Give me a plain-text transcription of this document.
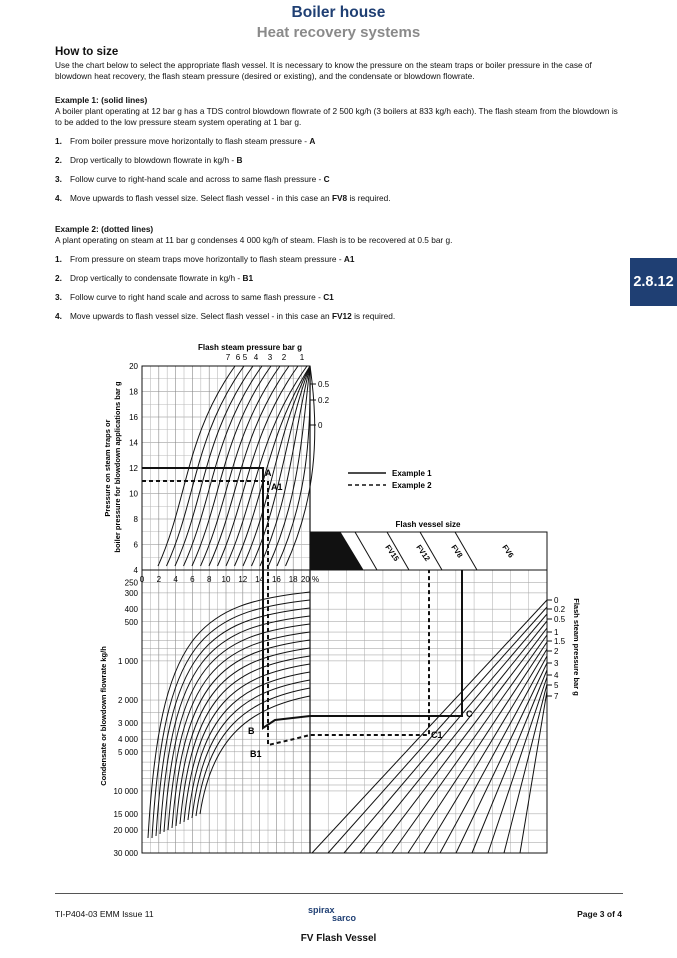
Boiler house
Heat recovery systems
2.8.12
How to size

Use the chart below to select the appropriate flash vessel. It is necessary to know the pressure on the steam traps or boiler pressure in the case of blowdown heat recovery, the flash steam pressure (desired or existing), and the condensate or blowdown flowrate.

Example 1: (solid lines)

A boiler plant operating at 12 bar g has a TDS control blowdown flowrate of 2 500 kg/h (3 boilers at 833 kg/h each). The flash steam from the blowdown is to be added to the low pressure steam system operating at 1 bar g.

1. From boiler pressure move horizontally to flash steam pressure - A
2. Drop vertically to blowdown flowrate in kg/h - B
3. Follow curve to right-hand scale and across to same flash pressure - C
4. Move upwards to flash vessel size. Select flash vessel - in this case an FV8 is required.

Example 2: (dotted lines)

A plant operating on steam at 11 bar g condenses 4 000 kg/h of steam. Flash is to be recovered at 0.5 bar g.

1. From pressure on steam traps move horizontally to flash steam pressure - A1
2. Drop vertically to condensate flowrate in kg/h - B1
3. Follow curve to right hand scale and across to same flash pressure - C1
4. Move upwards to flash vessel size. Select flash vessel - in this case an FV12 is required.
20
18
16
14
12
10
8
6
4
0 2 4 6 8 10 12 14 16 18 20 %
250
300
400
500
1 000
2 000
3 000
4 000
5 000
10 000
15 000
20 000
30 000
7 6 5 4 3 2 1
0.5
0.2
0
0
0.2
0.5
1
1.5
2
3
4
5
7
Flash vessel size
FV18 FV15 FV12 FV8	FV6
Flash steam pressure bar g
Pressure on steam traps or boiler pressure for blowdown applications bar g
Condensate or blowdown flowrate kg/h	Flash steam pressure bar g
Example 1
Example 2
A
A1
B
B1
C
C1
TI-P404-03 EMM Issue 11	spirax
sarco	Page 3 of 4
FV Flash Vessel
